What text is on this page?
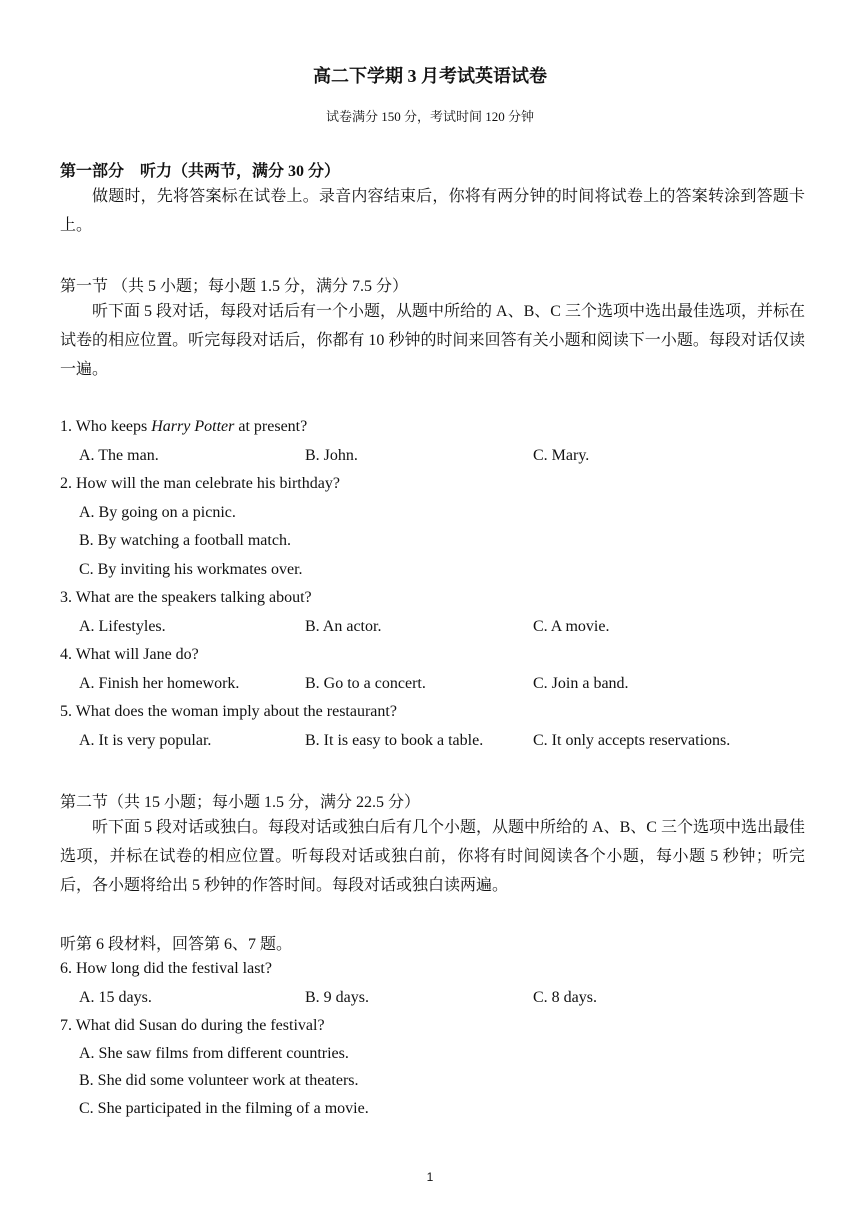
高二下学期 3 月考试英语试卷
试卷满分 150 分，考试时间 120 分钟
第一部分　听力（共两节，满分 30 分）
做题时，先将答案标在试卷上。录音内容结束后，你将有两分钟的时间将试卷上的答案转涂到答题卡上。
第一节 （共 5 小题；每小题 1.5 分，满分 7.5 分）
听下面 5 段对话，每段对话后有一个小题，从题中所给的 A、B、C 三个选项中选出最佳选项，并标在试卷的相应位置。听完每段对话后，你都有 10 秒钟的时间来回答有关小题和阅读下一小题。每段对话仅读一遍。
1. Who keeps Harry Potter at present?
A. The man.	B. John.	C. Mary.
2. How will the man celebrate his birthday?
A. By going on a picnic.
B. By watching a football match.
C. By inviting his workmates over.
3. What are the speakers talking about?
A. Lifestyles.	B. An actor.	C. A movie.
4. What will Jane do?
A. Finish her homework.	B. Go to a concert.	C. Join a band.
5. What does the woman imply about the restaurant?
A. It is very popular.	B. It is easy to book a table.	C. It only accepts reservations.
第二节（共 15 小题；每小题 1.5 分，满分 22.5 分）
听下面 5 段对话或独白。每段对话或独白后有几个小题，从题中所给的 A、B、C 三个选项中选出最佳选项，并标在试卷的相应位置。听每段对话或独白前，你将有时间阅读各个小题，每小题 5 秒钟；听完后，各小题将给出 5 秒钟的作答时间。每段对话或独白读两遍。
听第 6 段材料，回答第 6、7 题。
6. How long did the festival last?
A. 15 days.	B. 9 days.	C. 8 days.
7. What did Susan do during the festival?
A. She saw films from different countries.
B. She did some volunteer work at theaters.
C. She participated in the filming of a movie.
1
